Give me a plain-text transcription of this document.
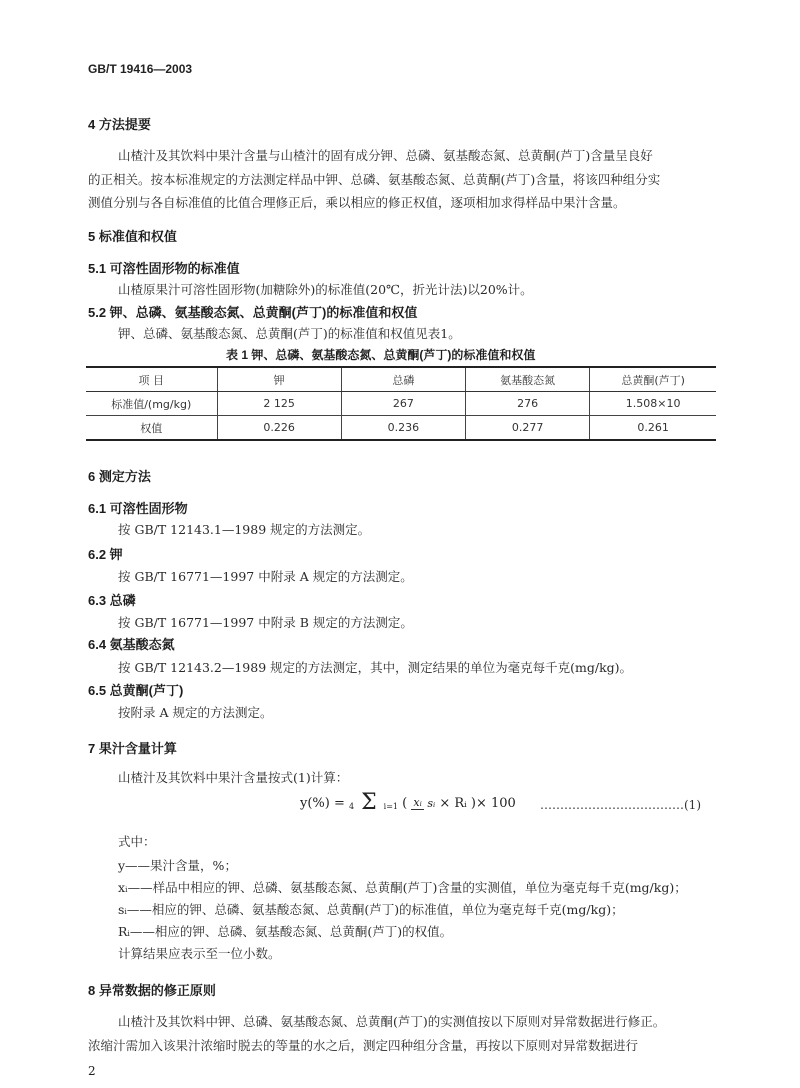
GB/T 19416—2003
4 方法提要
山楂汁及其饮料中果汁含量与山楂汁的固有成分钾、总磷、氨基酸态氮、总黄酮(芦丁)含量呈良好
的正相关。按本标准规定的方法测定样品中钾、总磷、氨基酸态氮、总黄酮(芦丁)含量，将该四种组分实
测值分别与各自标准值的比值合理修正后，乘以相应的修正权值，逐项相加求得样品中果汁含量。
5 标准值和权值
5.1 可溶性固形物的标准值
山楂原果汁可溶性固形物(加糖除外)的标准值(20℃，折光计法)以20%计。
5.2 钾、总磷、氨基酸态氮、总黄酮(芦丁)的标准值和权值
钾、总磷、氨基酸态氮、总黄酮(芦丁)的标准值和权值见表1。
表 1 钾、总磷、氨基酸态氮、总黄酮(芦丁)的标准值和权值
项 目	钾	总磷	氨基酸态氮	总黄酮(芦丁)
标准值/(mg/kg)	2 125	267	276	1.508×10
权值	0.226	0.236	0.277	0.261
6 测定方法
6.1 可溶性固形物
按 GB/T 12143.1—1989 规定的方法测定。
6.2 钾
按 GB/T 16771—1997 中附录 A 规定的方法测定。
6.3 总磷
按 GB/T 16771—1997 中附录 B 规定的方法测定。
6.4 氨基酸态氮
按 GB/T 12143.2—1989 规定的方法测定，其中，测定结果的单位为毫克每千克(mg/kg)。
6.5 总黄酮(芦丁)
按附录 A 规定的方法测定。
7 果汁含量计算
山楂汁及其饮料中果汁含量按式(1)计算：
y(%) = 4 Σ i=1 ( xᵢ sᵢ × Rᵢ )× 100 ………………………………(1)
式中：
y——果汁含量，%；
xᵢ——样品中相应的钾、总磷、氨基酸态氮、总黄酮(芦丁)含量的实测值，单位为毫克每千克(mg/kg)；
sᵢ——相应的钾、总磷、氨基酸态氮、总黄酮(芦丁)的标准值，单位为毫克每千克(mg/kg)；
Rᵢ——相应的钾、总磷、氨基酸态氮、总黄酮(芦丁)的权值。
计算结果应表示至一位小数。
8 异常数据的修正原则
山楂汁及其饮料中钾、总磷、氨基酸态氮、总黄酮(芦丁)的实测值按以下原则对异常数据进行修正。
浓缩汁需加入该果汁浓缩时脱去的等量的水之后，测定四种组分含量，再按以下原则对异常数据进行
2
